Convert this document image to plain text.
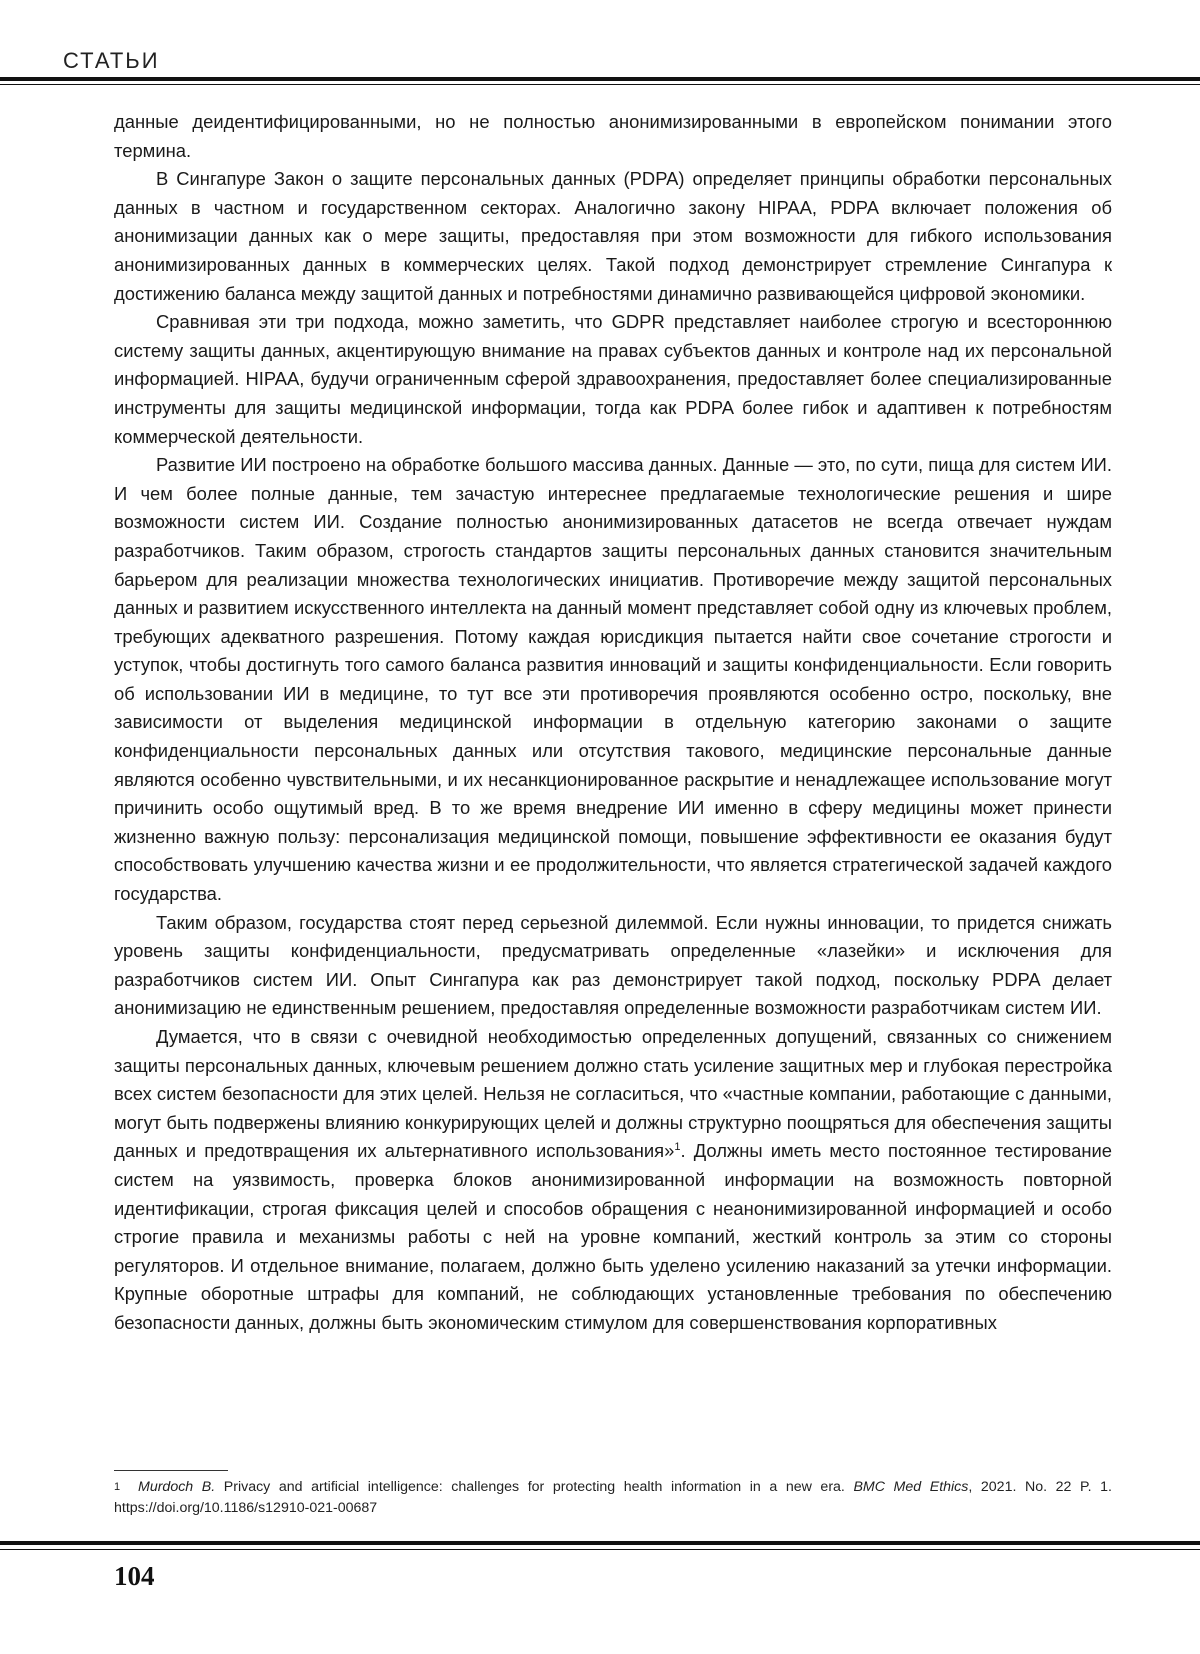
СТАТЬИ

данные деидентифицированными, но не полностью анонимизированными в европейском понимании этого термина.

В Сингапуре Закон о защите персональных данных (PDPA) определяет принципы обработки персональных данных в частном и государственном секторах. Аналогично закону HIPAA, PDPA включает положения об анонимизации данных как о мере защиты, предоставляя при этом возможности для гибкого использования анонимизированных данных в коммерческих целях. Такой подход демонстрирует стремление Сингапура к достижению баланса между защитой данных и потребностями динамично развивающейся цифровой экономики.

Сравнивая эти три подхода, можно заметить, что GDPR представляет наиболее строгую и всестороннюю систему защиты данных, акцентирующую внимание на правах субъектов данных и контроле над их персональной информацией. HIPAA, будучи ограниченным сферой здравоохранения, предоставляет более специализированные инструменты для защиты медицинской информации, тогда как PDPA более гибок и адаптивен к потребностям коммерческой деятельности.

Развитие ИИ построено на обработке большого массива данных. Данные — это, по сути, пища для систем ИИ. И чем более полные данные, тем зачастую интереснее предлагаемые технологические решения и шире возможности систем ИИ. Создание полностью анонимизированных датасетов не всегда отвечает нуждам разработчиков. Таким образом, строгость стандартов защиты персональных данных становится значительным барьером для реализации множества технологических инициатив. Противоречие между защитой персональных данных и развитием искусственного интеллекта на данный момент представляет собой одну из ключевых проблем, требующих адекватного разрешения. Потому каждая юрисдикция пытается найти свое сочетание строгости и уступок, чтобы достигнуть того самого баланса развития инноваций и защиты конфиденциальности. Если говорить об использовании ИИ в медицине, то тут все эти противоречия проявляются особенно остро, поскольку, вне зависимости от выделения медицинской информации в отдельную категорию законами о защите конфиденциальности персональных данных или отсутствия такового, медицинские персональные данные являются особенно чувствительными, и их несанкционированное раскрытие и ненадлежащее использование могут причинить особо ощутимый вред. В то же время внедрение ИИ именно в сферу медицины может принести жизненно важную пользу: персонализация медицинской помощи, повышение эффективности ее оказания будут способствовать улучшению качества жизни и ее продолжительности, что является стратегической задачей каждого государства.

Таким образом, государства стоят перед серьезной дилеммой. Если нужны инновации, то придется снижать уровень защиты конфиденциальности, предусматривать определенные «лазейки» и исключения для разработчиков систем ИИ. Опыт Сингапура как раз демонстрирует такой подход, поскольку PDPA делает анонимизацию не единственным решением, предоставляя определенные возможности разработчикам систем ИИ.

Думается, что в связи с очевидной необходимостью определенных допущений, связанных со снижением защиты персональных данных, ключевым решением должно стать усиление защитных мер и глубокая перестройка всех систем безопасности для этих целей. Нельзя не согласиться, что «частные компании, работающие с данными, могут быть подвержены влиянию конкурирующих целей и должны структурно поощряться для обеспечения защиты данных и предотвращения их альтернативного использования»$^1$. Должны иметь место постоянное тестирование систем на уязвимость, проверка блоков анонимизированной информации на возможность повторной идентификации, строгая фиксация целей и способов обращения с неанонимизированной информацией и особо строгие правила и механизмы работы с ней на уровне компаний, жесткий контроль за этим со стороны регуляторов. И отдельное внимание, полагаем, должно быть уделено усилению наказаний за утечки информации. Крупные оборотные штрафы для компаний, не соблюдающих установленные требования по обеспечению безопасности данных, должны быть экономическим стимулом для совершенствования корпоративных

1 Murdoch B. Privacy and artificial intelligence: challenges for protecting health information in a new era. BMC Med Ethics, 2021. No. 22 P. 1. https://doi.org/10.1186/s12910-021-00687
104
